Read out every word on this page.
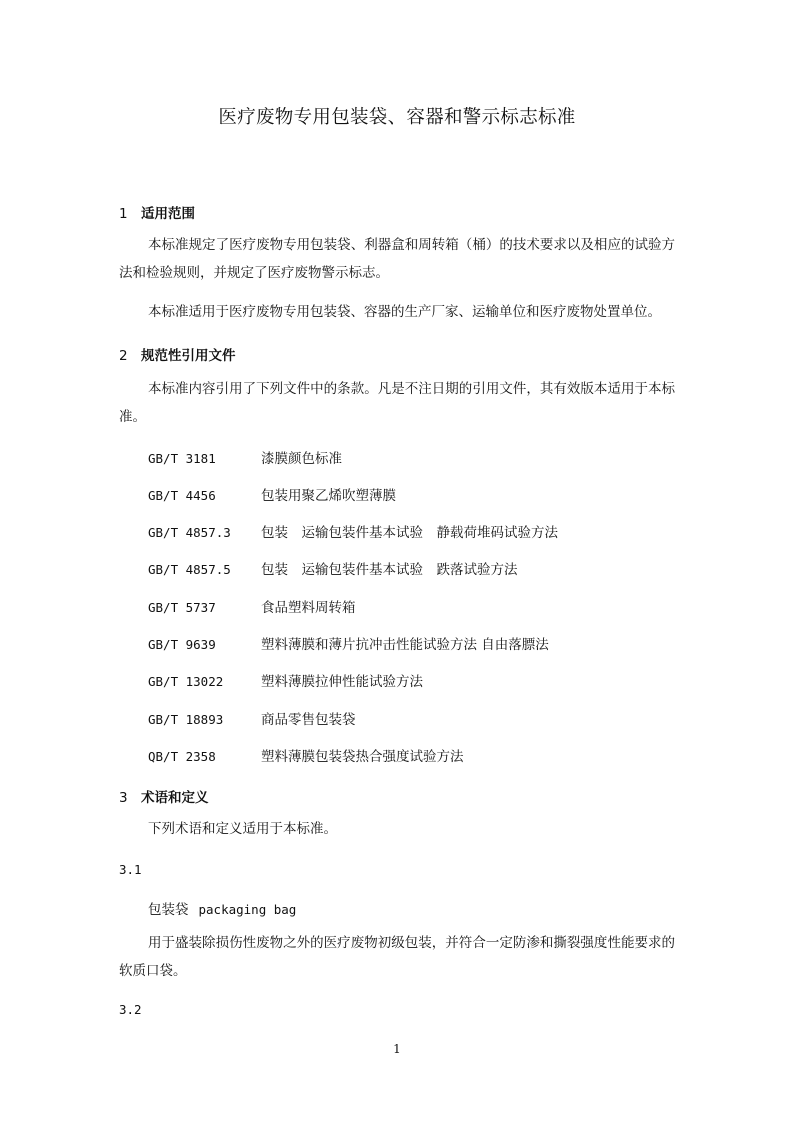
医疗废物专用包装袋、容器和警示标志标准
1 适用范围
本标准规定了医疗废物专用包装袋、利器盒和周转箱（桶）的技术要求以及相应的试验方法和检验规则，并规定了医疗废物警示标志。
本标准适用于医疗废物专用包装袋、容器的生产厂家、运输单位和医疗废物处置单位。
2 规范性引用文件
本标准内容引用了下列文件中的条款。凡是不注日期的引用文件，其有效版本适用于本标准。
GB/T 3181	漆膜颜色标准
GB/T 4456	包装用聚乙烯吹塑薄膜
GB/T 4857.3 包装　运输包装件基本试验　静载荷堆码试验方法
GB/T 4857.5 包装　运输包装件基本试验　跌落试验方法
GB/T 5737	食品塑料周转箱
GB/T 9639	塑料薄膜和薄片抗冲击性能试验方法 自由落膘法
GB/T 13022	塑料薄膜拉伸性能试验方法
GB/T 18893	商品零售包装袋
QB/T 2358	塑料薄膜包装袋热合强度试验方法
3 术语和定义
下列术语和定义适用于本标准。
3.1
包装袋 packaging bag
用于盛装除损伤性废物之外的医疗废物初级包装，并符合一定防渗和撕裂强度性能要求的软质口袋。
3.2
1
